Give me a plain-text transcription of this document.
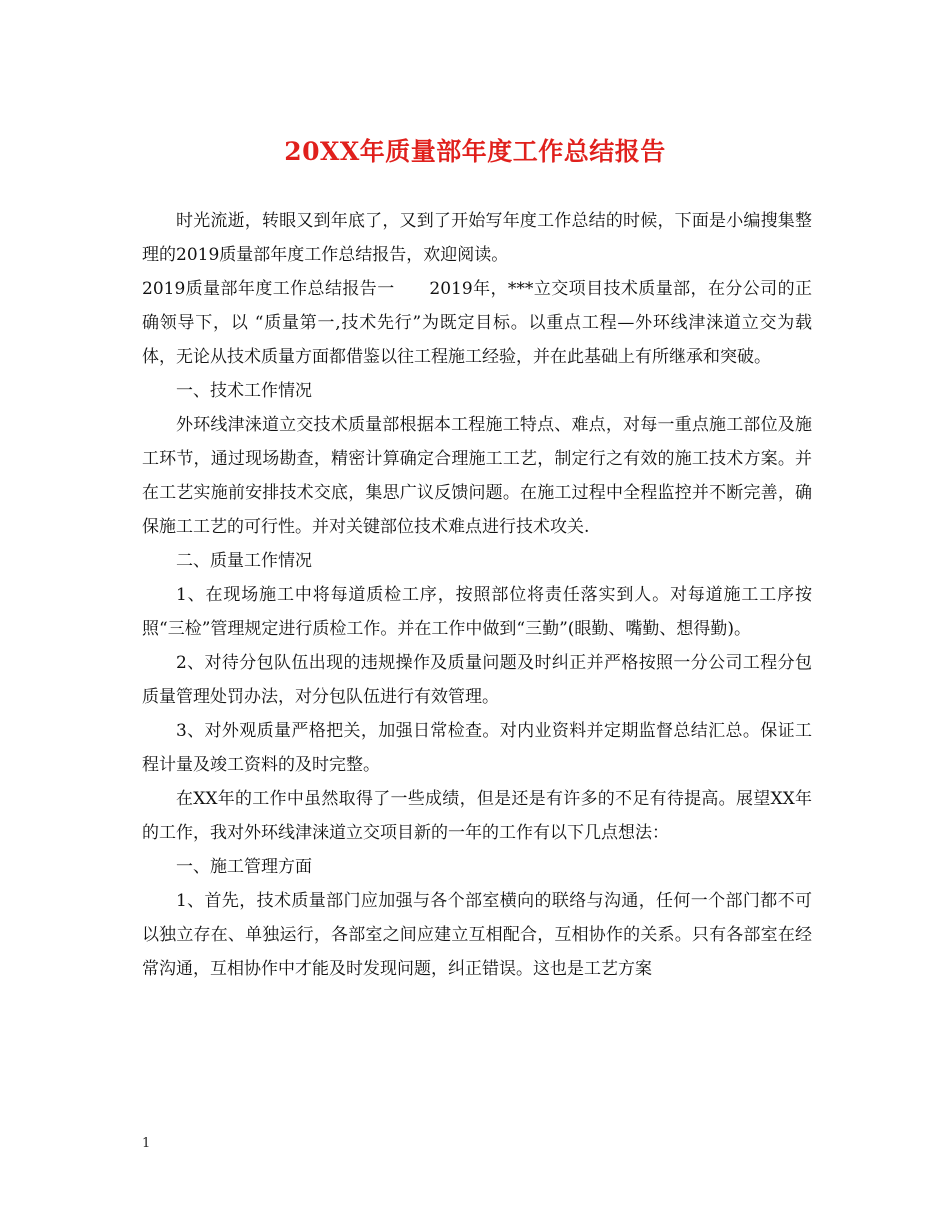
20XX年质量部年度工作总结报告

时光流逝，转眼又到年底了，又到了开始写年度工作总结的时候，下面是小编搜集整理的2019质量部年度工作总结报告，欢迎阅读。

2019质量部年度工作总结报告一　　2019年，***立交项目技术质量部，在分公司的正确领导下，以 “质量第一,技术先行”为既定目标。以重点工程—外环线津涞道立交为载体，无论从技术质量方面都借鉴以往工程施工经验，并在此基础上有所继承和突破。

一、技术工作情况

外环线津涞道立交技术质量部根据本工程施工特点、难点，对每一重点施工部位及施工环节，通过现场勘查，精密计算确定合理施工工艺，制定行之有效的施工技术方案。并在工艺实施前安排技术交底，集思广议反馈问题。在施工过程中全程监控并不断完善，确保施工工艺的可行性。并对关键部位技术难点进行技术攻关.

二、质量工作情况

1、在现场施工中将每道质检工序，按照部位将责任落实到人。对每道施工工序按照“三检”管理规定进行质检工作。并在工作中做到“三勤”(眼勤、嘴勤、想得勤)。

2、对待分包队伍出现的违规操作及质量问题及时纠正并严格按照一分公司工程分包质量管理处罚办法，对分包队伍进行有效管理。

3、对外观质量严格把关，加强日常检查。对内业资料并定期监督总结汇总。保证工程计量及竣工资料的及时完整。

在XX年的工作中虽然取得了一些成绩，但是还是有许多的不足有待提高。展望XX年的工作，我对外环线津涞道立交项目新的一年的工作有以下几点想法：

一、施工管理方面

1、首先，技术质量部门应加强与各个部室横向的联络与沟通，任何一个部门都不可以独立存在、单独运行，各部室之间应建立互相配合，互相协作的关系。只有各部室在经常沟通，互相协作中才能及时发现问题，纠正错误。这也是工艺方案

1
